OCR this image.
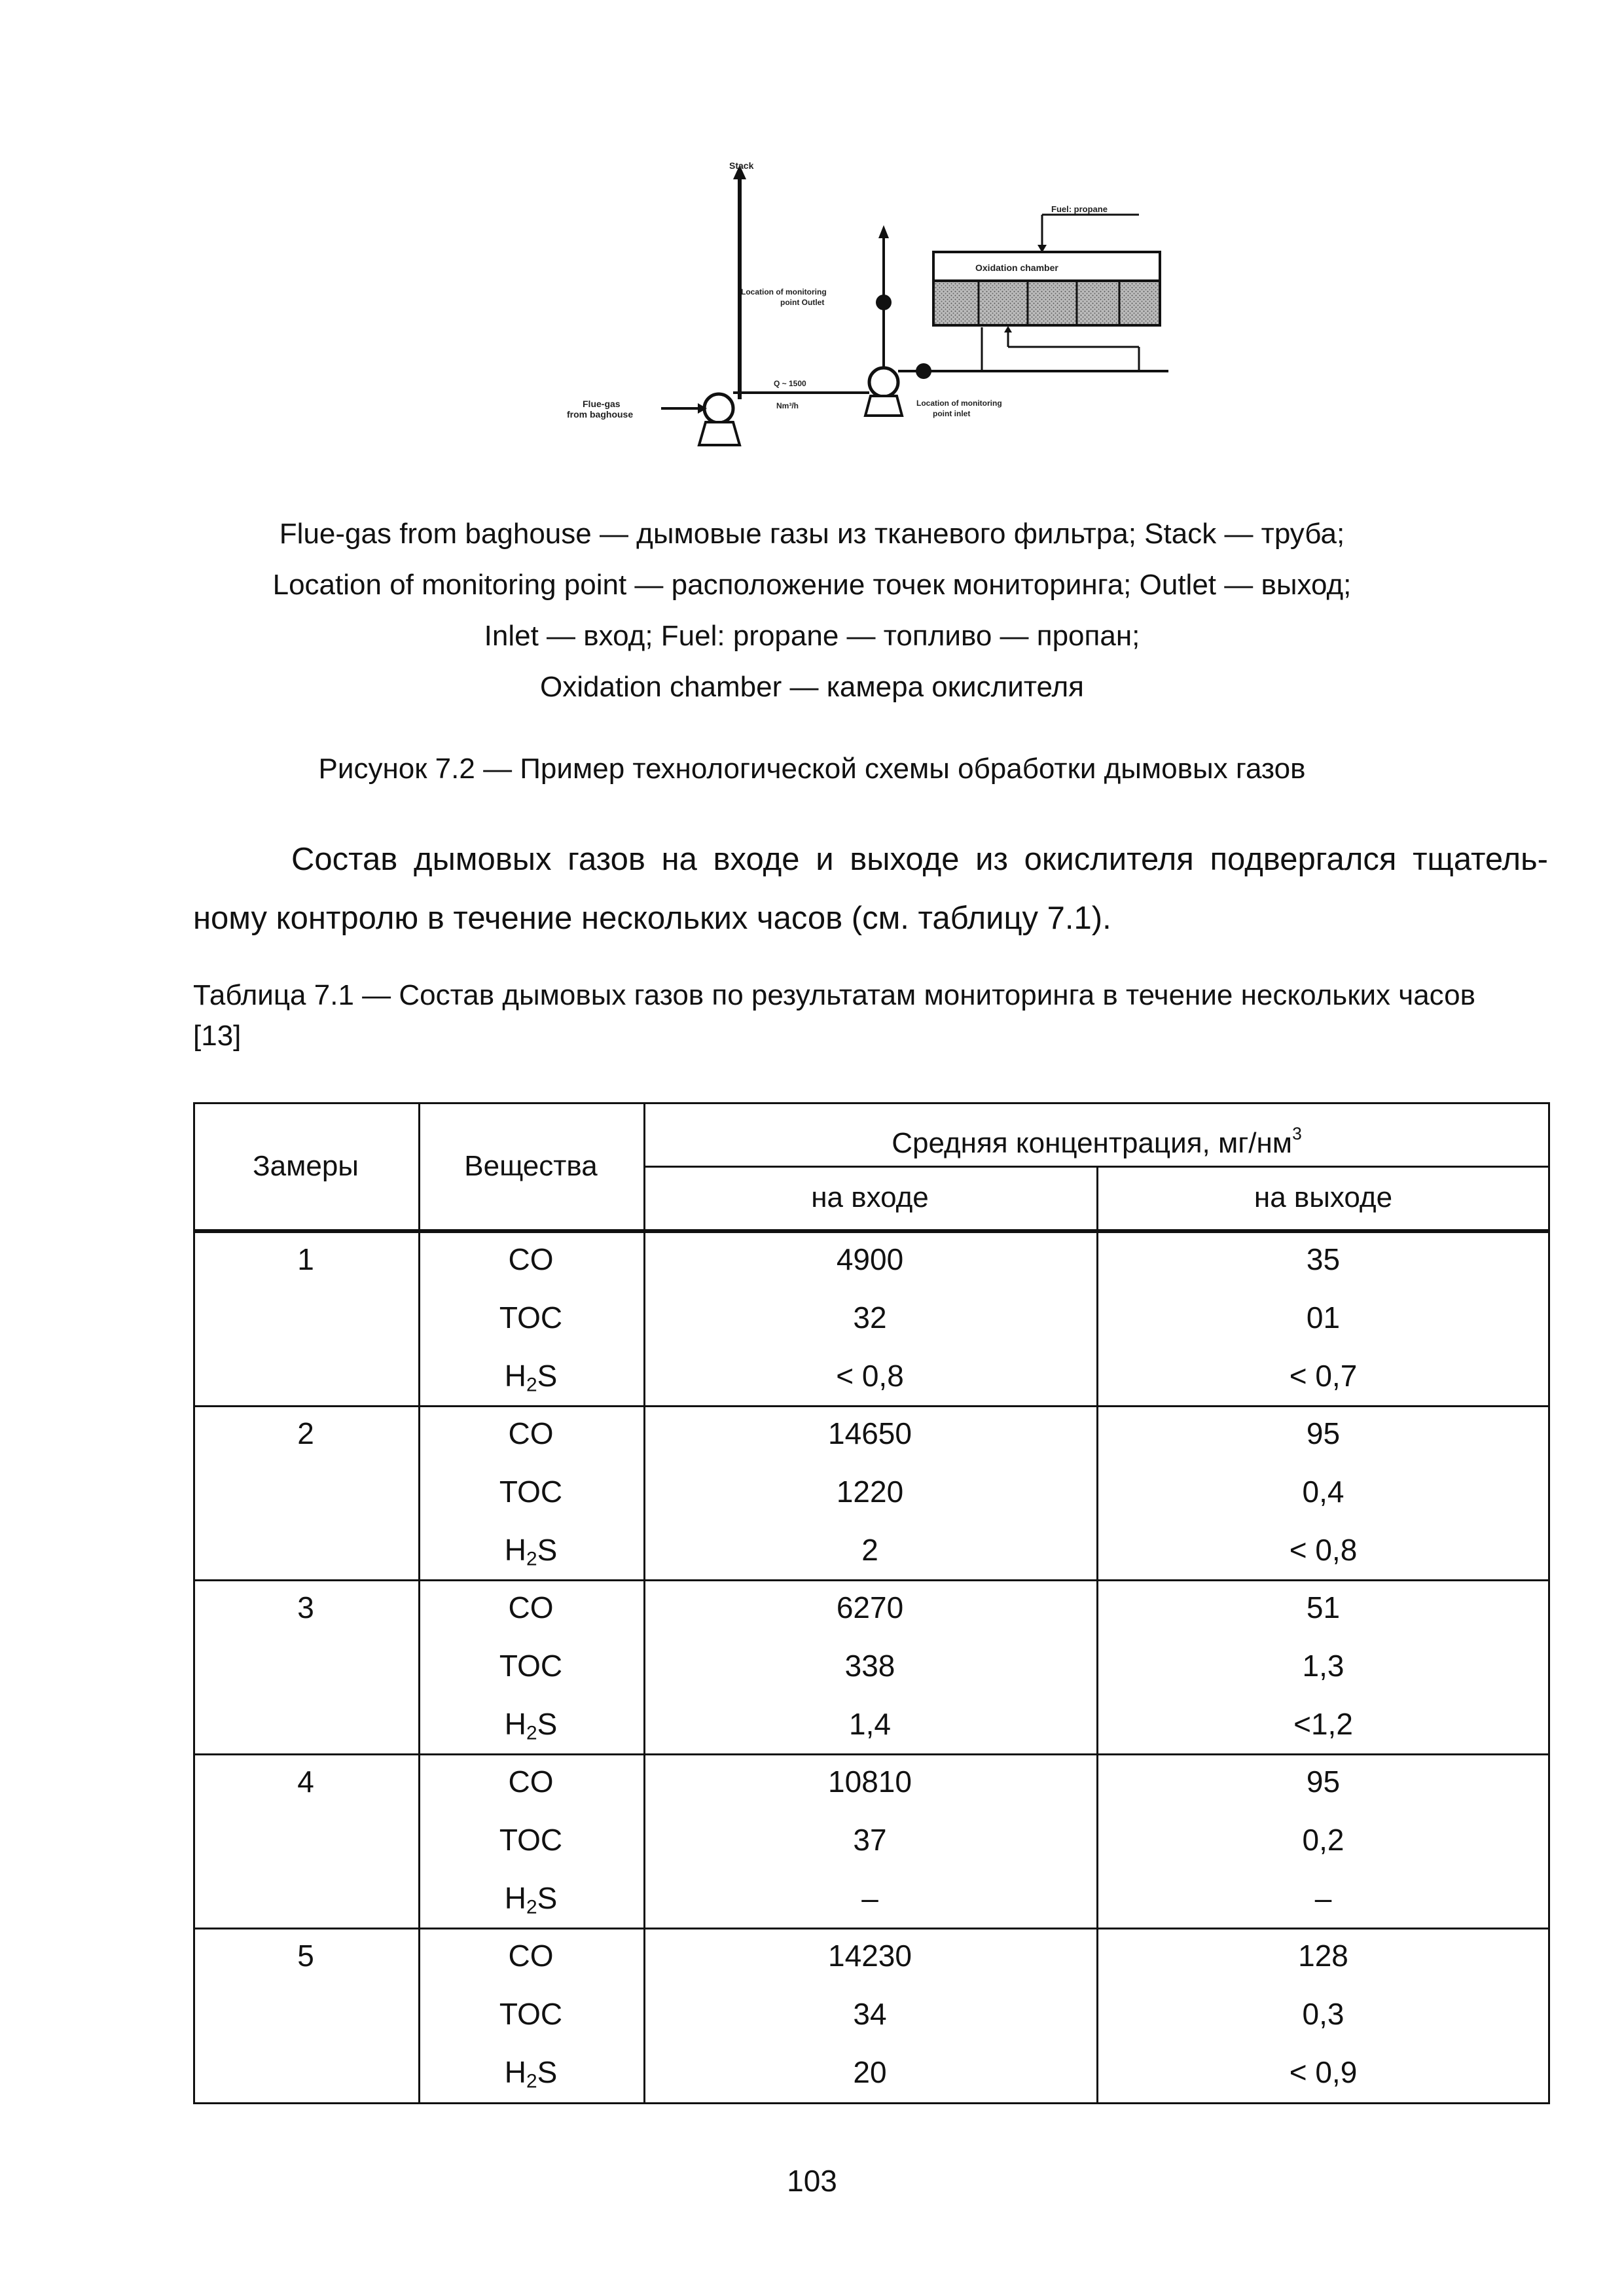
Stack
Flue-gas
from baghouse
Q ~ 1500
Nm³/h	Location of monitoring
point inlet
Location of monitoring
point Outlet
Oxidation chamber
Fuel: propane
Flue-gas from baghouse — дымовые газы из тканевого фильтра; Stack — труба;
Location of monitoring point — расположение точек мониторинга; Outlet — выход;
Inlet — вход; Fuel: propane — топливо — пропан;
Oxidation chamber — камера окислителя
Рисунок 7.2 — Пример технологической схемы обработки дымовых газов
Состав дымовых газов на входе и выходе из окислителя подвергался тщатель-
ному контролю в течение нескольких часов (см. таблицу 7.1).
Таблица 7.1 — Состав дымовых газов по результатам мониторинга в течение нескольких часов
[13]
Замеры	Вещества
Средняя концентрация, $мг/нм^3$
на входе	на выходе
1	CO	4900	35
TOC	32	01
$H_2S$	< 0,8	< 0,7
2	CO	14650	95
TOC	1220	0,4
$H_2S$	2	< 0,8
3	CO	6270	51
TOC	338	1,3
$H_2S$	1,4	<1,2
4	CO	10810	95
TOC	37	0,2
$H_2S$	–	–
5	CO	14230	128
TOC	34	0,3
$H_2S$	20	< 0,9
103
